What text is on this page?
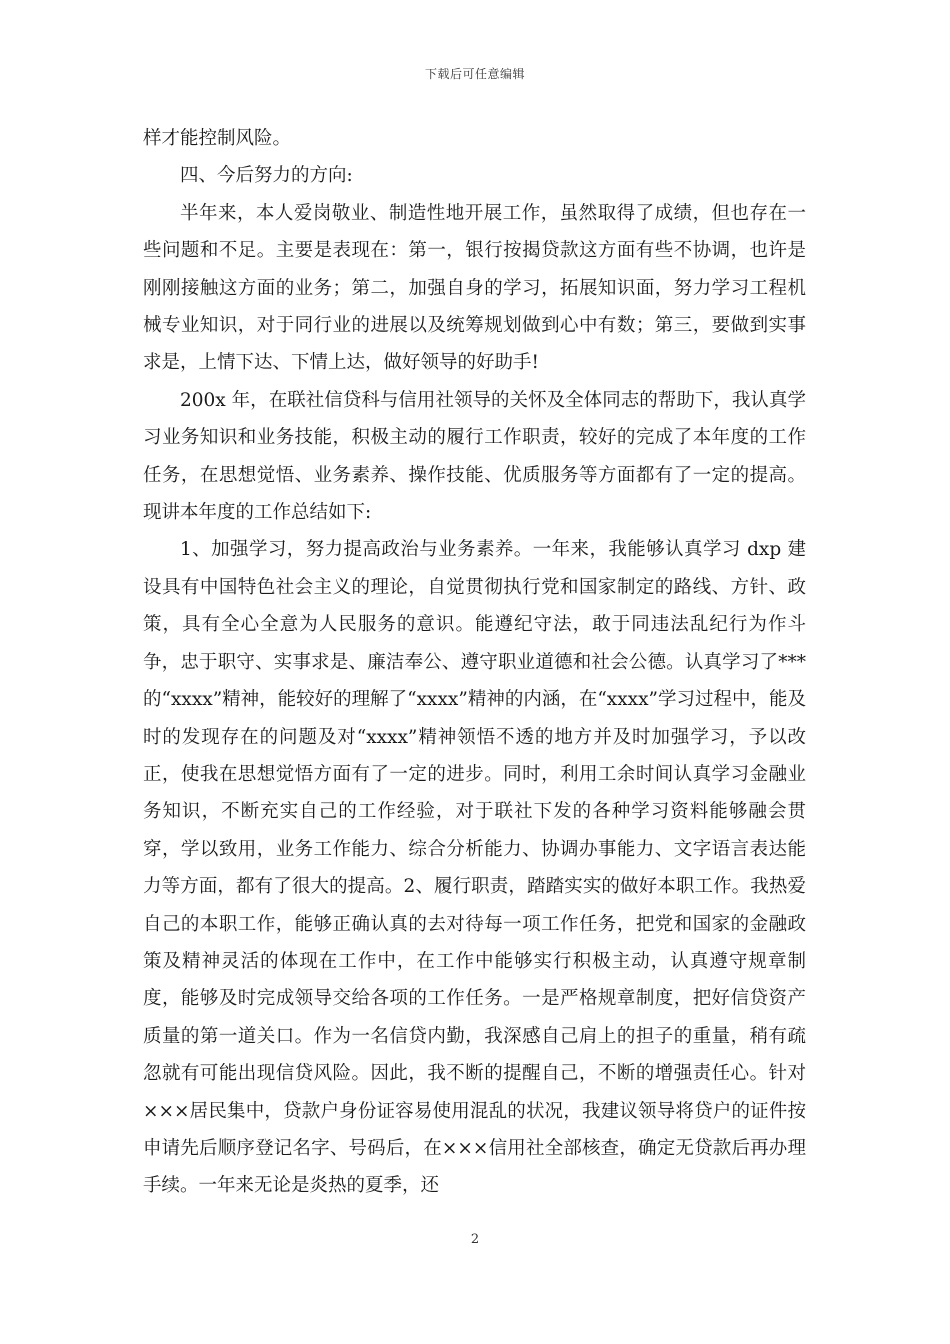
下载后可任意编辑

样才能控制风险。

四、今后努力的方向:

半年来，本人爱岗敬业、制造性地开展工作，虽然取得了成绩，但也存在一些问题和不足。主要是表现在：第一，银行按揭贷款这方面有些不协调，也许是刚刚接触这方面的业务；第二，加强自身的学习，拓展知识面，努力学习工程机械专业知识，对于同行业的进展以及统筹规划做到心中有数；第三，要做到实事求是，上情下达、下情上达，做好领导的好助手!

200x 年，在联社信贷科与信用社领导的关怀及全体同志的帮助下，我认真学习业务知识和业务技能，积极主动的履行工作职责，较好的完成了本年度的工作任务，在思想觉悟、业务素养、操作技能、优质服务等方面都有了一定的提高。现讲本年度的工作总结如下:

1、加强学习，努力提高政治与业务素养。一年来，我能够认真学习 dxp 建设具有中国特色社会主义的理论，自觉贯彻执行党和国家制定的路线、方针、政策，具有全心全意为人民服务的意识。能遵纪守法，敢于同违法乱纪行为作斗争，忠于职守、实事求是、廉洁奉公、遵守职业道德和社会公德。认真学习了***的“xxxx”精神，能较好的理解了“xxxx”精神的内涵，在“xxxx”学习过程中，能及时的发现存在的问题及对“xxxx”精神领悟不透的地方并及时加强学习，予以改正，使我在思想觉悟方面有了一定的进步。同时，利用工余时间认真学习金融业务知识，不断充实自己的工作经验，对于联社下发的各种学习资料能够融会贯穿，学以致用，业务工作能力、综合分析能力、协调办事能力、文字语言表达能力等方面，都有了很大的提高。2、履行职责，踏踏实实的做好本职工作。我热爱自己的本职工作，能够正确认真的去对待每一项工作任务，把党和国家的金融政策及精神灵活的体现在工作中，在工作中能够实行积极主动，认真遵守规章制度，能够及时完成领导交给各项的工作任务。一是严格规章制度，把好信贷资产质量的第一道关口。作为一名信贷内勤，我深感自己肩上的担子的重量，稍有疏忽就有可能出现信贷风险。因此，我不断的提醒自己，不断的增强责任心。针对×××居民集中，贷款户身份证容易使用混乱的状况，我建议领导将贷户的证件按申请先后顺序登记名字、号码后，在×××信用社全部核查，确定无贷款后再办理手续。一年来无论是炎热的夏季，还

2
